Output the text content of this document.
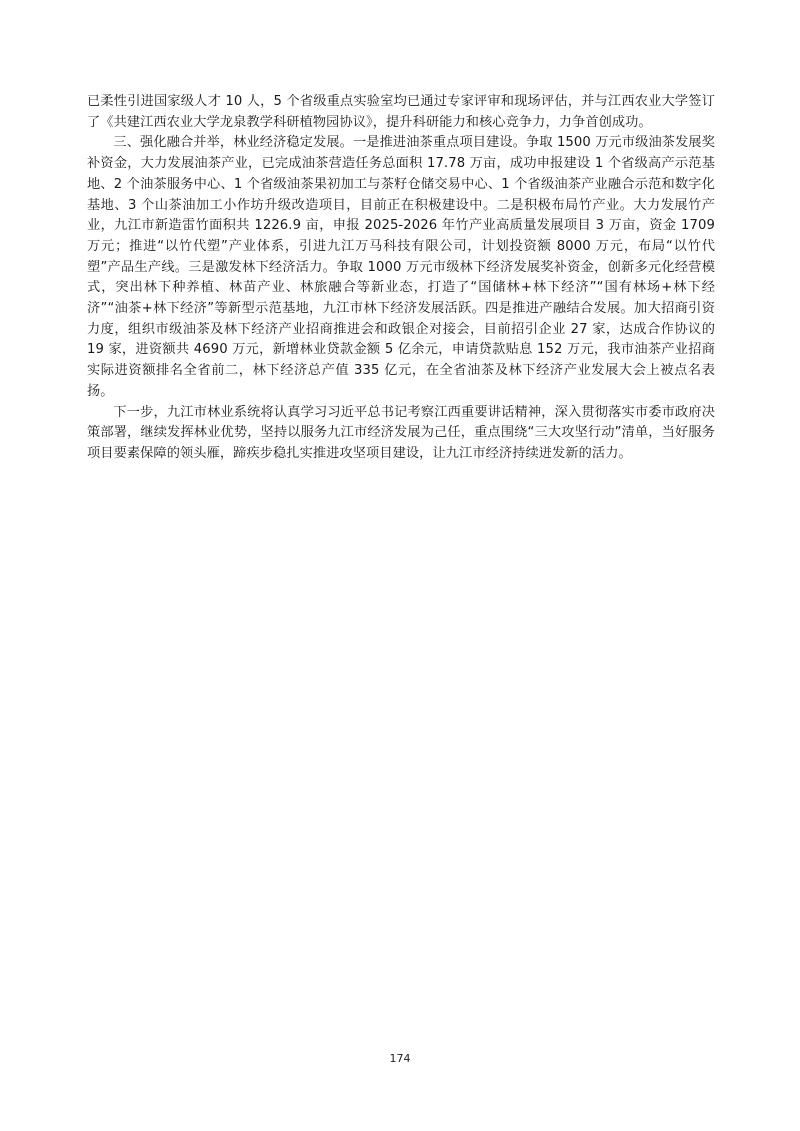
已柔性引进国家级人才 10 人，5 个省级重点实验室均已通过专家评审和现场评估，并与江西农业大学签订了《共建江西农业大学龙泉教学科研植物园协议》，提升科研能力和核心竞争力，力争首创成功。

三、强化融合并举，林业经济稳定发展。一是推进油茶重点项目建设。争取 1500 万元市级油茶发展奖补资金，大力发展油茶产业，已完成油茶营造任务总面积 17.78 万亩，成功申报建设 1 个省级高产示范基地、2 个油茶服务中心、1 个省级油茶果初加工与茶籽仓储交易中心、1 个省级油茶产业融合示范和数字化基地、3 个山茶油加工小作坊升级改造项目，目前正在积极建设中。二是积极布局竹产业。大力发展竹产业，九江市新造雷竹面积共 1226.9 亩，申报 2025-2026 年竹产业高质量发展项目 3 万亩，资金 1709 万元；推进“以竹代塑”产业体系，引进九江万马科技有限公司，计划投资额 8000 万元，布局“以竹代塑”产品生产线。三是激发林下经济活力。争取 1000 万元市级林下经济发展奖补资金，创新多元化经营模式，突出林下种养植、林苗产业、林旅融合等新业态，打造了“国储林+林下经济”“国有林场+林下经济”“油茶+林下经济”等新型示范基地，九江市林下经济发展活跃。四是推进产融结合发展。加大招商引资力度，组织市级油茶及林下经济产业招商推进会和政银企对接会，目前招引企业 27 家，达成合作协议的 19 家，进资额共 4690 万元，新增林业贷款金额 5 亿余元，申请贷款贴息 152 万元，我市油茶产业招商实际进资额排名全省前二，林下经济总产值 335 亿元，在全省油茶及林下经济产业发展大会上被点名表扬。

下一步，九江市林业系统将认真学习习近平总书记考察江西重要讲话精神，深入贯彻落实市委市政府决策部署，继续发挥林业优势，坚持以服务九江市经济发展为己任，重点围绕“三大攻坚行动”清单，当好服务项目要素保障的领头雁，蹄疾步稳扎实推进攻坚项目建设，让九江市经济持续迸发新的活力。

174
